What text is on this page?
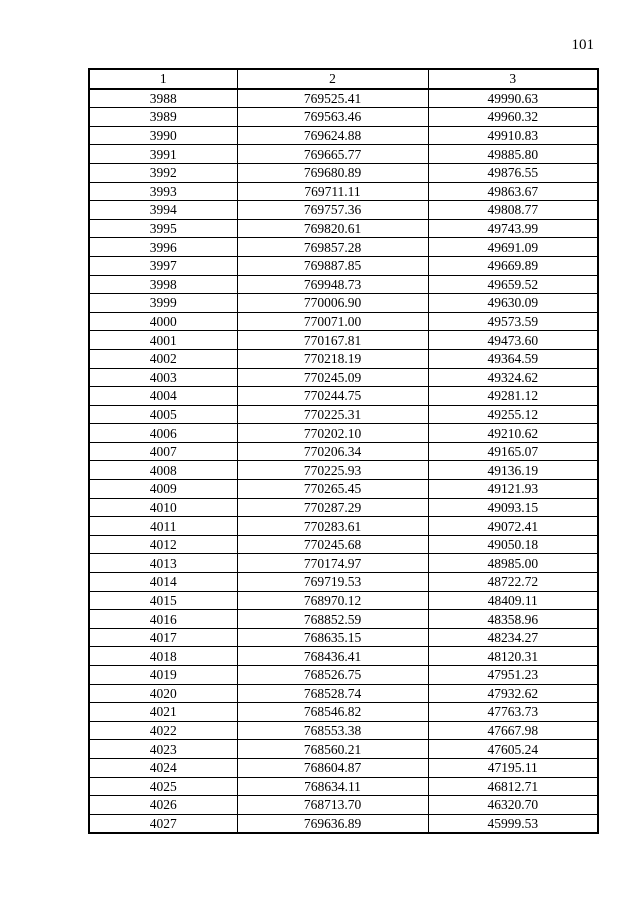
101
1	2	3
3988	769525.41	49990.63
3989	769563.46	49960.32
3990	769624.88	49910.83
3991	769665.77	49885.80
3992	769680.89	49876.55
3993	769711.11	49863.67
3994	769757.36	49808.77
3995	769820.61	49743.99
3996	769857.28	49691.09
3997	769887.85	49669.89
3998	769948.73	49659.52
3999	770006.90	49630.09
4000	770071.00	49573.59
4001	770167.81	49473.60
4002	770218.19	49364.59
4003	770245.09	49324.62
4004	770244.75	49281.12
4005	770225.31	49255.12
4006	770202.10	49210.62
4007	770206.34	49165.07
4008	770225.93	49136.19
4009	770265.45	49121.93
4010	770287.29	49093.15
4011	770283.61	49072.41
4012	770245.68	49050.18
4013	770174.97	48985.00
4014	769719.53	48722.72
4015	768970.12	48409.11
4016	768852.59	48358.96
4017	768635.15	48234.27
4018	768436.41	48120.31
4019	768526.75	47951.23
4020	768528.74	47932.62
4021	768546.82	47763.73
4022	768553.38	47667.98
4023	768560.21	47605.24
4024	768604.87	47195.11
4025	768634.11	46812.71
4026	768713.70	46320.70
4027	769636.89	45999.53
